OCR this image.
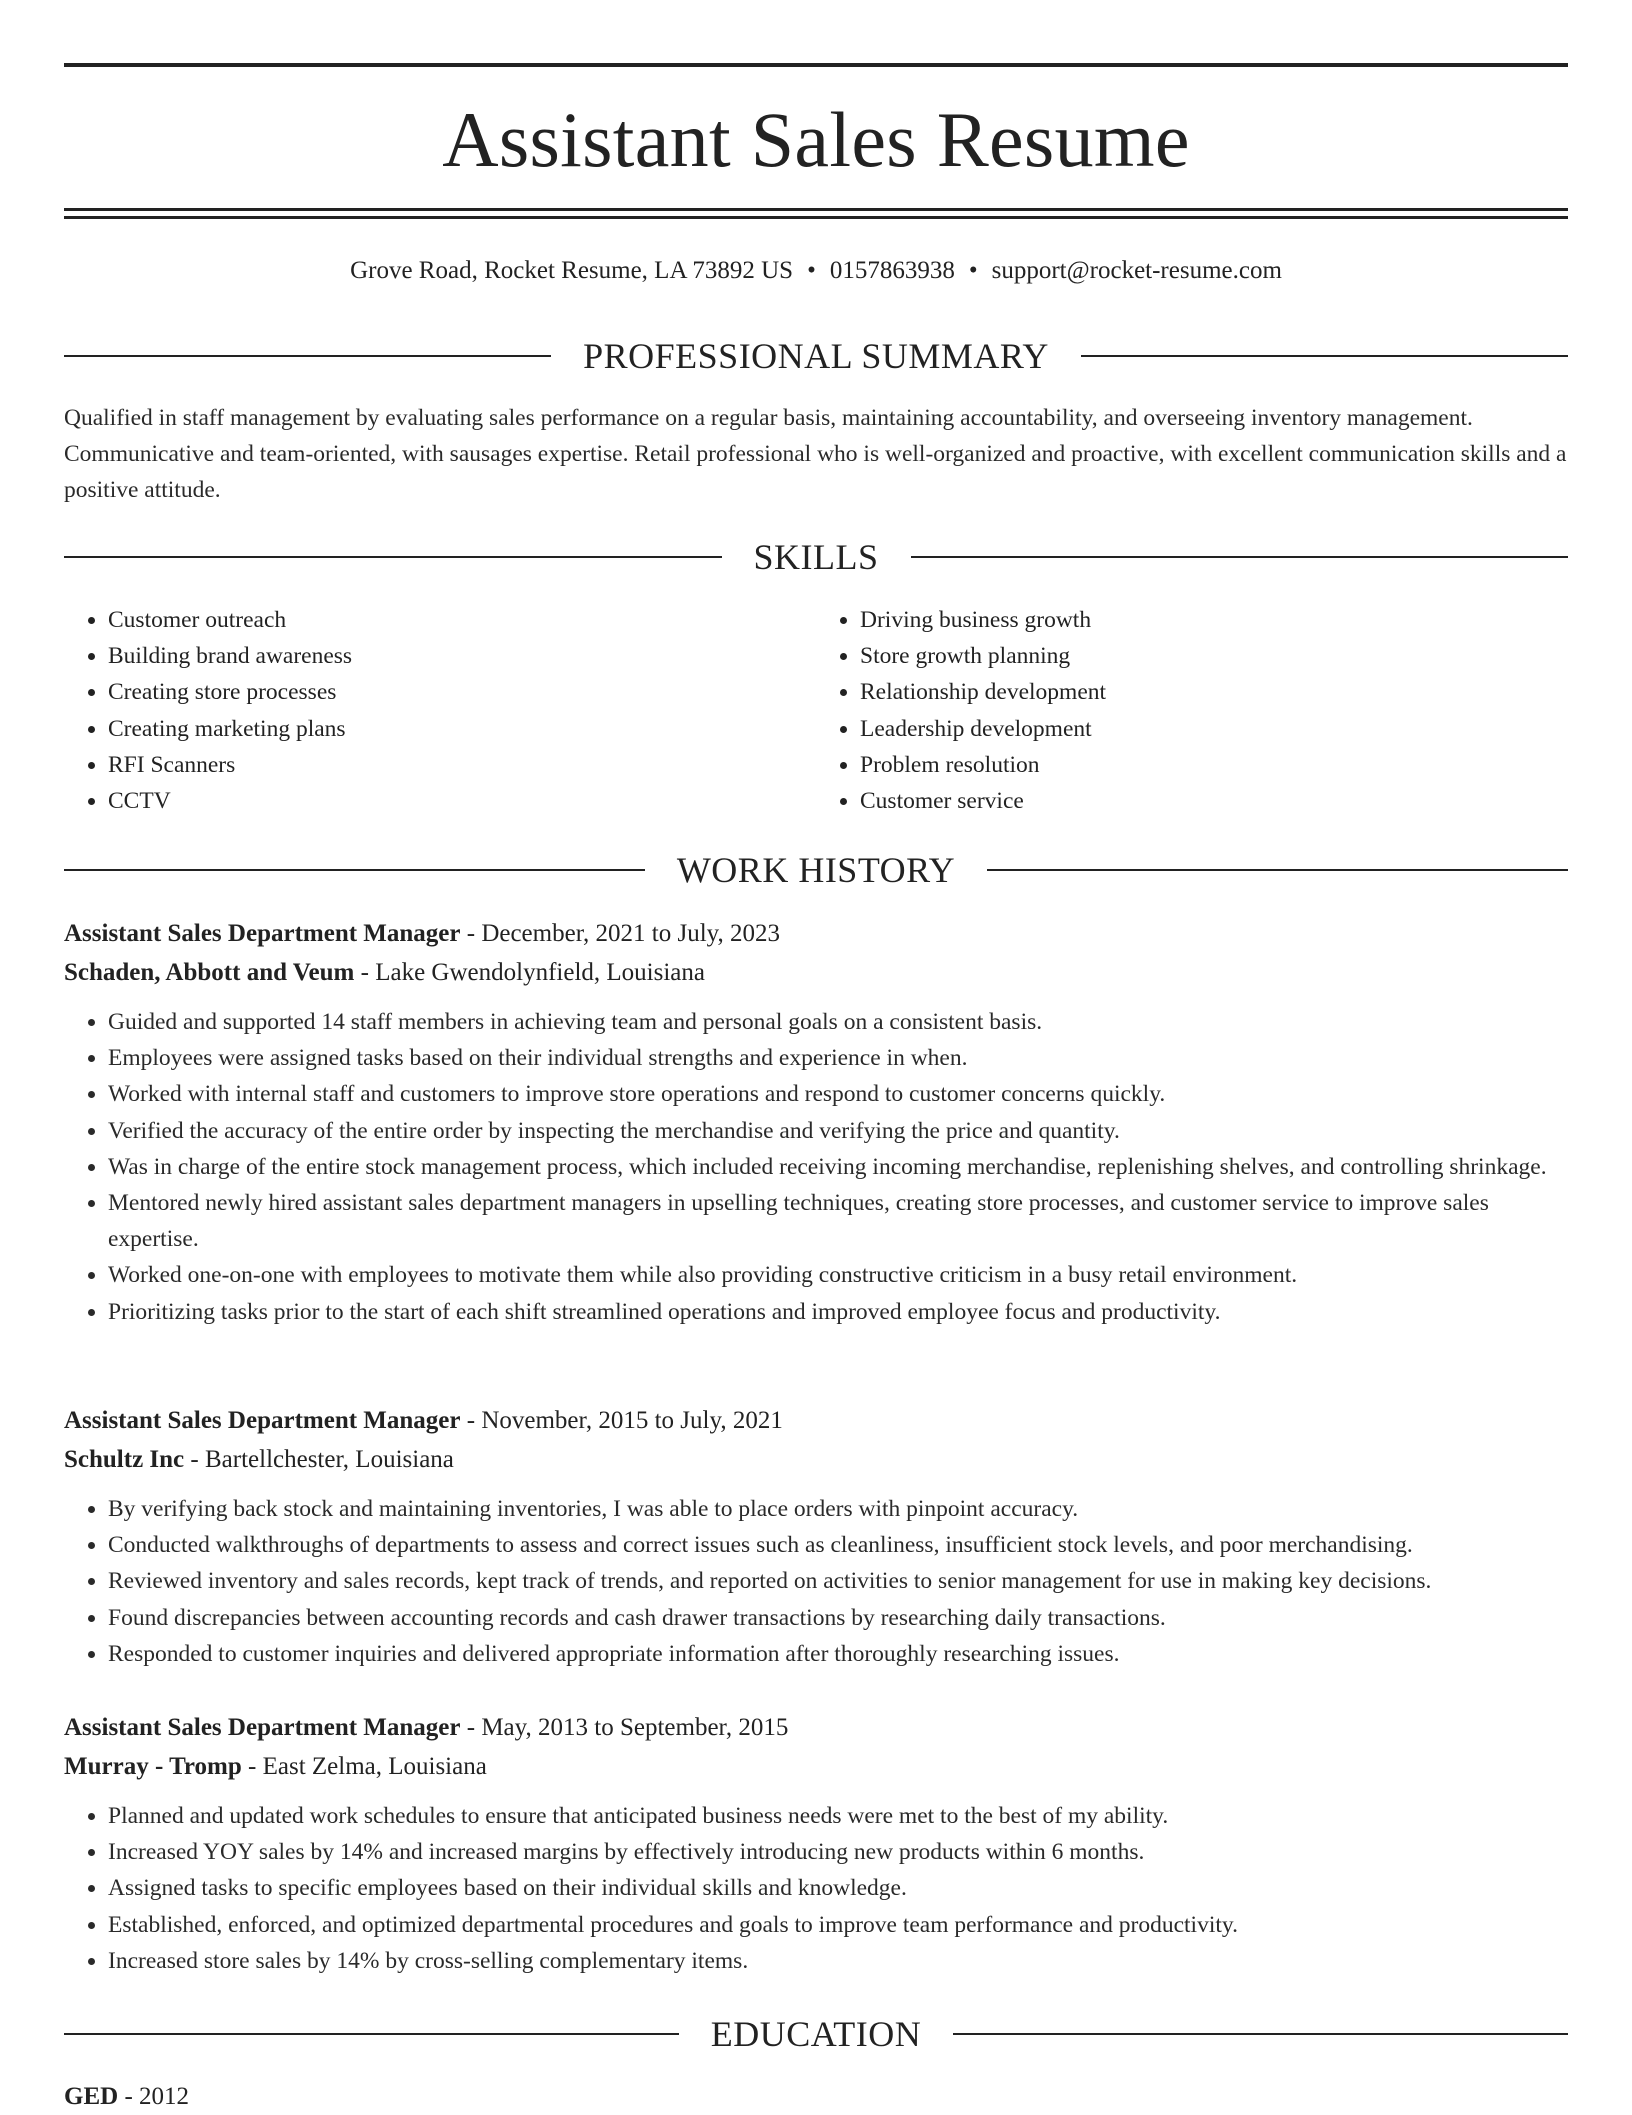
Assistant Sales Resume
Grove Road, Rocket Resume, LA 73892 US • 0157863938 • support@rocket-resume.com
PROFESSIONAL SUMMARY

Qualified in staff management by evaluating sales performance on a regular basis, maintaining accountability, and overseeing inventory management. Communicative and team-oriented, with sausages expertise. Retail professional who is well-organized and proactive, with excellent communication skills and a positive attitude.

SKILLS
• Customer outreach
• Building brand awareness
• Creating store processes
• Creating marketing plans
• RFI Scanners
• CCTV
• Driving business growth
• Store growth planning
• Relationship development
• Leadership development
• Problem resolution
• Customer service
WORK HISTORY

Assistant Sales Department Manager - December, 2021 to July, 2023

Schaden, Abbott and Veum - Lake Gwendolynfield, Louisiana

• Guided and supported 14 staff members in achieving team and personal goals on a consistent basis.
• Employees were assigned tasks based on their individual strengths and experience in when.
• Worked with internal staff and customers to improve store operations and respond to customer concerns quickly.
• Verified the accuracy of the entire order by inspecting the merchandise and verifying the price and quantity.
• Was in charge of the entire stock management process, which included receiving incoming merchandise, replenishing shelves, and controlling shrinkage.
• Mentored newly hired assistant sales department managers in upselling techniques, creating store processes, and customer service to improve sales expertise.
• Worked one-on-one with employees to motivate them while also providing constructive criticism in a busy retail environment.
• Prioritizing tasks prior to the start of each shift streamlined operations and improved employee focus and productivity.

Assistant Sales Department Manager - November, 2015 to July, 2021

Schultz Inc - Bartellchester, Louisiana

• By verifying back stock and maintaining inventories, I was able to place orders with pinpoint accuracy.
• Conducted walkthroughs of departments to assess and correct issues such as cleanliness, insufficient stock levels, and poor merchandising.
• Reviewed inventory and sales records, kept track of trends, and reported on activities to senior management for use in making key decisions.
• Found discrepancies between accounting records and cash drawer transactions by researching daily transactions.
• Responded to customer inquiries and delivered appropriate information after thoroughly researching issues.

Assistant Sales Department Manager - May, 2013 to September, 2015

Murray - Tromp - East Zelma, Louisiana

• Planned and updated work schedules to ensure that anticipated business needs were met to the best of my ability.
• Increased YOY sales by 14% and increased margins by effectively introducing new products within 6 months.
• Assigned tasks to specific employees based on their individual skills and knowledge.
• Established, enforced, and optimized departmental procedures and goals to improve team performance and productivity.
• Increased store sales by 14% by cross-selling complementary items.
EDUCATION

GED - 2012
